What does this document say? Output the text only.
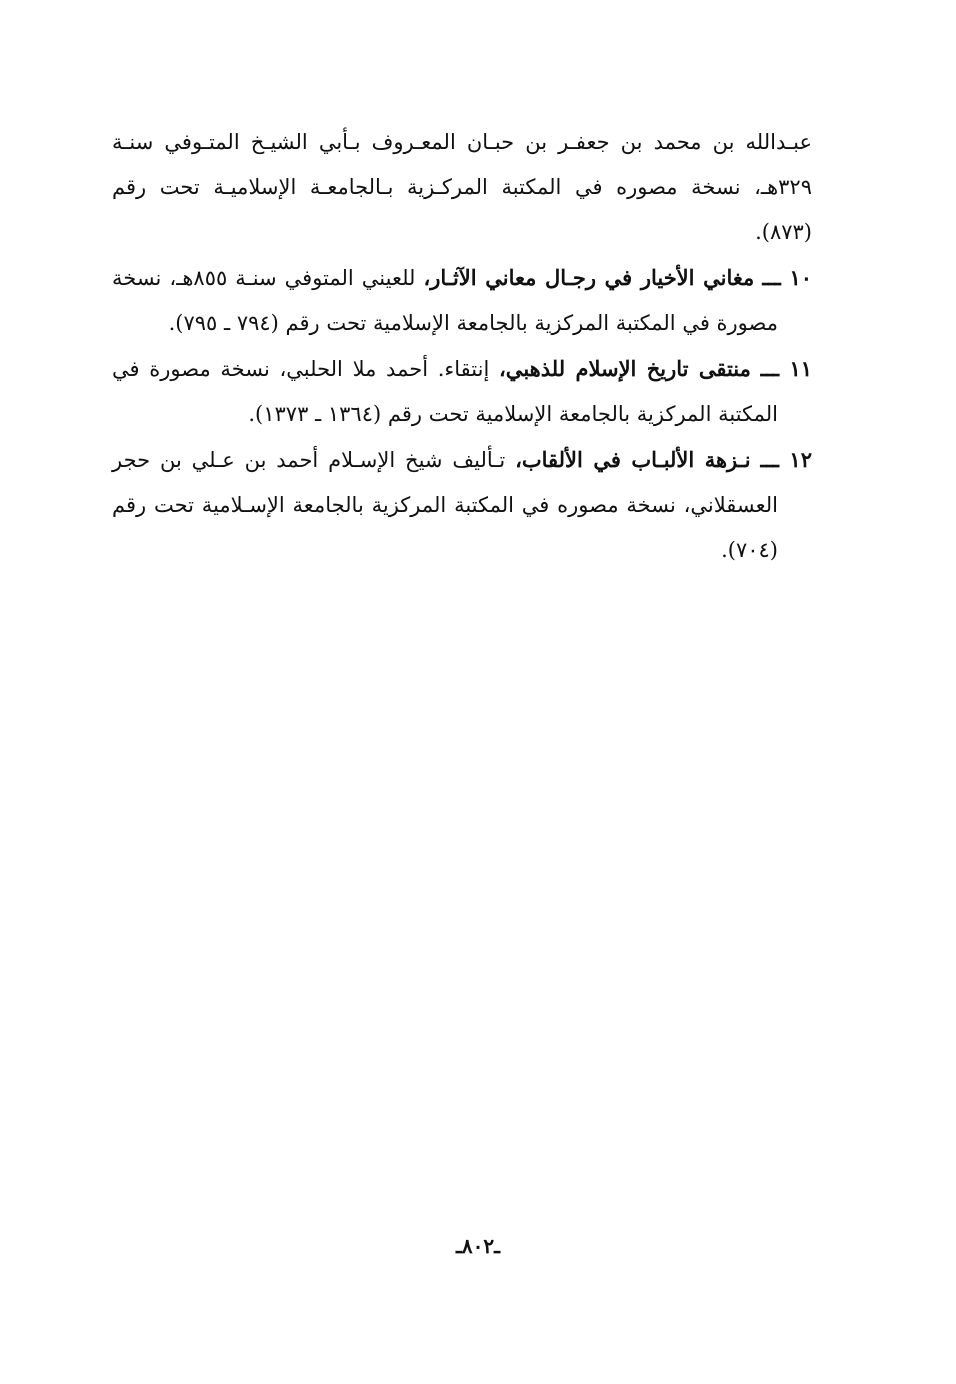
عبـدالله بن محمد بن جعفـر بن حبـان المعـروف بـأبي الشيـخ المتـوفي سنـة ٣٢٩هـ، نسخة مصوره في المكتبة المركـزية بـالجامعـة الإسلاميـة تحت رقم (٨٧٣).

١٠ ـــ مغاني الأخيار في رجـال معاني الآثـار، للعيني المتوفي سنـة ٨٥٥هـ، نسخة مصورة في المكتبة المركزية بالجامعة الإسلامية تحت رقم (٧٩٤ ـ ٧٩٥).

١١ ـــ منتقى تاريخ الإسلام للذهبي، إنتقاء. أحمد ملا الحلبي، نسخة مصورة في المكتبة المركزية بالجامعة الإسلامية تحت رقم (١٣٦٤ ـ ١٣٧٣).

١٢ ـــ نـزهة الألبـاب في الألقاب، تـأليف شيخ الإسـلام أحمد بن عـلي بن حجر العسقلاني، نسخة مصوره في المكتبة المركزية بالجامعة الإسـلامية تحت رقم (٧٠٤).

ـ٨٠٢ـ
